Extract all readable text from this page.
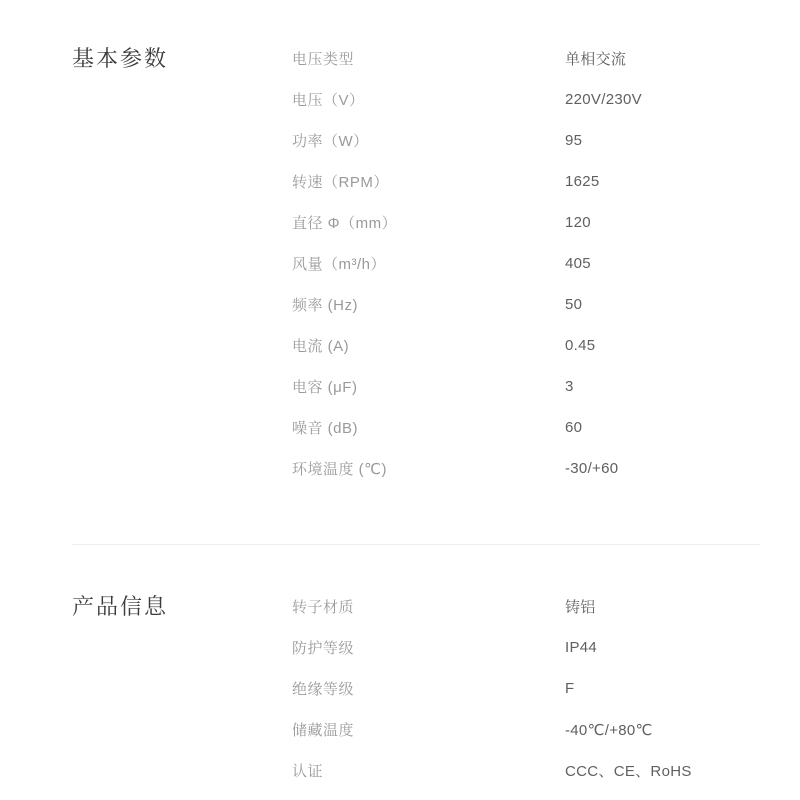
基本参数	电压类型	单相交流
电压（V）	220V/230V
功率（W）	95
转速（RPM）	1625
直径 Φ（mm）	120
风量（m³/h）	405
频率 (Hz)	50
电流 (A)	0.45
电容 (μF)	3
噪音 (dB)	60
环境温度 (℃)	-30/+60
产品信息	转子材质	铸铝
防护等级	IP44
绝缘等级	F
储藏温度	-40℃/+80℃
认证	CCC、CE、RoHS
